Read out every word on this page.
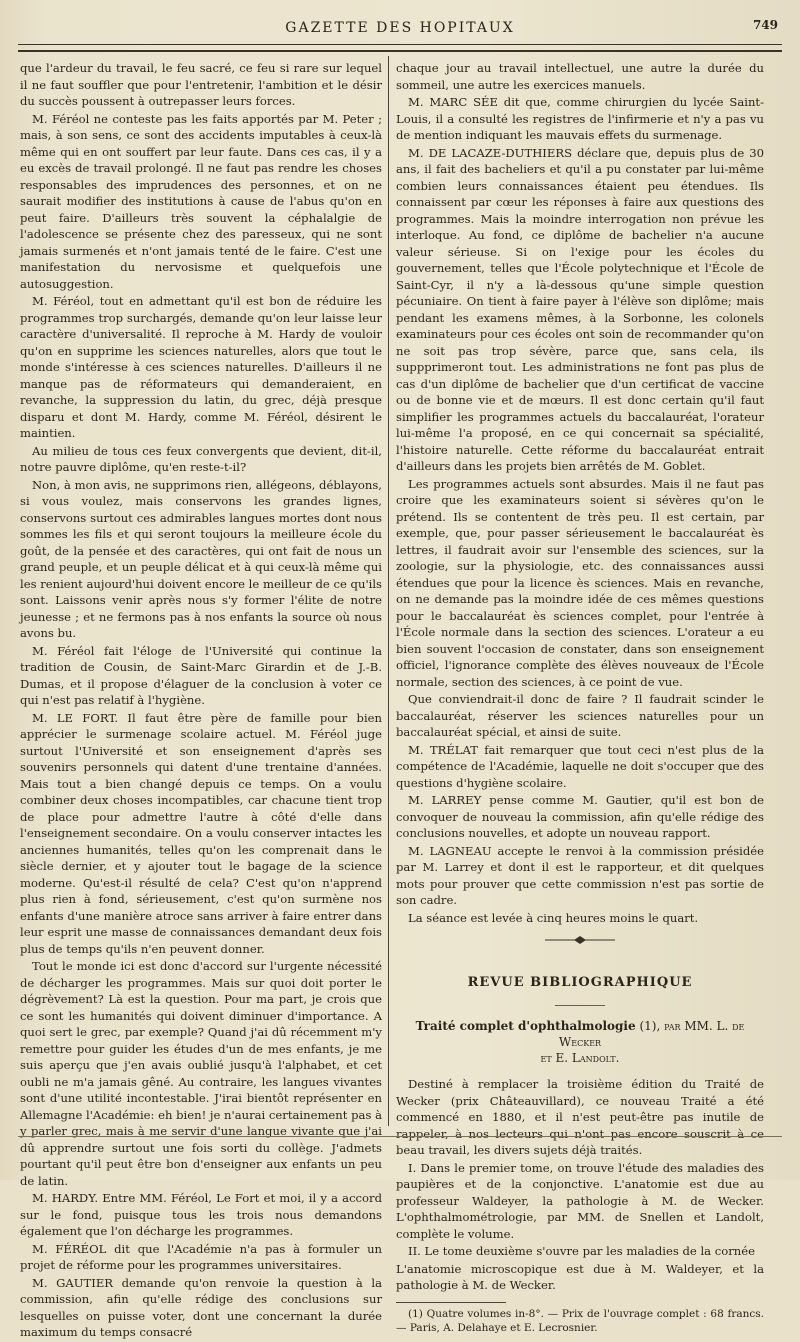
GAZETTE DES HOPITAUX	749

que l'ardeur du travail, le feu sacré, ce feu si rare sur lequel il ne faut souffler que pour l'entretenir, l'ambition et le désir du succès poussent à outrepasser leurs forces.

M. Féréol ne conteste pas les faits apportés par M. Peter ; mais, à son sens, ce sont des accidents imputables à ceux-là même qui en ont souffert par leur faute. Dans ces cas, il y a eu excès de travail prolongé. Il ne faut pas rendre les choses responsables des imprudences des personnes, et on ne saurait modifier des institutions à cause de l'abus qu'on en peut faire. D'ailleurs très souvent la céphalalgie de l'adolescence se présente chez des paresseux, qui ne sont jamais surmenés et n'ont jamais tenté de le faire. C'est une manifestation du nervosisme et quelquefois une autosuggestion.

M. Féréol, tout en admettant qu'il est bon de réduire les programmes trop surchargés, demande qu'on leur laisse leur caractère d'universalité. Il reproche à M. Hardy de vouloir qu'on en supprime les sciences naturelles, alors que tout le monde s'intéresse à ces sciences naturelles. D'ailleurs il ne manque pas de réformateurs qui demanderaient, en revanche, la suppression du latin, du grec, déjà presque disparu et dont M. Hardy, comme M. Féréol, désirent le maintien.

Au milieu de tous ces feux convergents que devient, dit-il, notre pauvre diplôme, qu'en reste-t-il?

Non, à mon avis, ne supprimons rien, allégeons, déblayons, si vous voulez, mais conservons les grandes lignes, conservons surtout ces admirables langues mortes dont nous sommes les fils et qui seront toujours la meilleure école du goût, de la pensée et des caractères, qui ont fait de nous un grand peuple, et un peuple délicat et à qui ceux-là même qui les renient aujourd'hui doivent encore le meilleur de ce qu'ils sont. Laissons venir après nous s'y former l'élite de notre jeunesse ; et ne fermons pas à nos enfants la source où nous avons bu.

M. Féréol fait l'éloge de l'Université qui continue la tradition de Cousin, de Saint-Marc Girardin et de J.-B. Dumas, et il propose d'élaguer de la conclusion à voter ce qui n'est pas relatif à l'hygiène.

M. LE FORT. Il faut être père de famille pour bien apprécier le surmenage scolaire actuel. M. Féréol juge surtout l'Université et son enseignement d'après ses souvenirs personnels qui datent d'une trentaine d'années. Mais tout a bien changé depuis ce temps. On a voulu combiner deux choses incompatibles, car chacune tient trop de place pour admettre l'autre à côté d'elle dans l'enseignement secondaire. On a voulu conserver intactes les anciennes humanités, telles qu'on les comprenait dans le siècle dernier, et y ajouter tout le bagage de la science moderne. Qu'est-il résulté de cela? C'est qu'on n'apprend plus rien à fond, sérieusement, c'est qu'on surmène nos enfants d'une manière atroce sans arriver à faire entrer dans leur esprit une masse de connaissances demandant deux fois plus de temps qu'ils n'en peuvent donner.

Tout le monde ici est donc d'accord sur l'urgente nécessité de décharger les programmes. Mais sur quoi doit porter le dégrèvement? Là est la question. Pour ma part, je crois que ce sont les humanités qui doivent diminuer d'importance. A quoi sert le grec, par exemple? Quand j'ai dû récemment m'y remettre pour guider les études d'un de mes enfants, je me suis aperçu que j'en avais oublié jusqu'à l'alphabet, et cet oubli ne m'a jamais gêné. Au contraire, les langues vivantes sont d'une utilité incontestable. J'irai bientôt représenter en Allemagne l'Académie: eh bien! je n'aurai certainement pas à y parler grec, mais à me servir d'une langue vivante que j'ai dû apprendre surtout une fois sorti du collège. J'admets pourtant qu'il peut être bon d'enseigner aux enfants un peu de latin.

M. HARDY. Entre MM. Féréol, Le Fort et moi, il y a accord sur le fond, puisque tous les trois nous demandons également que l'on décharge les programmes.

M. FÉRÉOL dit que l'Académie n'a pas à formuler un projet de réforme pour les programmes universitaires.

M. GAUTIER demande qu'on renvoie la question à la commission, afin qu'elle rédige des conclusions sur lesquelles on puisse voter, dont une concernant la durée maximum du temps consacré

chaque jour au travail intellectuel, une autre la durée du sommeil, une autre les exercices manuels.

M. MARC SÉE dit que, comme chirurgien du lycée Saint-Louis, il a consulté les registres de l'infirmerie et n'y a pas vu de mention indiquant les mauvais effets du surmenage.

M. DE LACAZE-DUTHIERS déclare que, depuis plus de 30 ans, il fait des bacheliers et qu'il a pu constater par lui-même combien leurs connaissances étaient peu étendues. Ils connaissent par cœur les réponses à faire aux questions des programmes. Mais la moindre interrogation non prévue les interloque. Au fond, ce diplôme de bachelier n'a aucune valeur sérieuse. Si on l'exige pour les écoles du gouvernement, telles que l'École polytechnique et l'École de Saint-Cyr, il n'y a là-dessous qu'une simple question pécuniaire. On tient à faire payer à l'élève son diplôme; mais pendant les examens mêmes, à la Sorbonne, les colonels examinateurs pour ces écoles ont soin de recommander qu'on ne soit pas trop sévère, parce que, sans cela, ils suppprimeront tout. Les administrations ne font pas plus de cas d'un diplôme de bachelier que d'un certificat de vaccine ou de bonne vie et de mœurs. Il est donc certain qu'il faut simplifier les programmes actuels du baccalauréat, l'orateur lui-même l'a proposé, en ce qui concernait sa spécialité, l'histoire naturelle. Cette réforme du baccalauréat entrait d'ailleurs dans les projets bien arrêtés de M. Goblet.

Les programmes actuels sont absurdes. Mais il ne faut pas croire que les examinateurs soient si sévères qu'on le prétend. Ils se contentent de très peu. Il est certain, par exemple, que, pour passer sérieusement le baccalauréat ès lettres, il faudrait avoir sur l'ensemble des sciences, sur la zoologie, sur la physiologie, etc. des connaissances aussi étendues que pour la licence ès sciences. Mais en revanche, on ne demande pas la moindre idée de ces mêmes questions pour le baccalauréat ès sciences complet, pour l'entrée à l'École normale dans la section des sciences. L'orateur a eu bien souvent l'occasion de constater, dans son enseignement officiel, l'ignorance complète des élèves nouveaux de l'École normale, section des sciences, à ce point de vue.

Que conviendrait-il donc de faire ? Il faudrait scinder le baccalauréat, réserver les sciences naturelles pour un baccalauréat spécial, et ainsi de suite.

M. TRÉLAT fait remarquer que tout ceci n'est plus de la compétence de l'Académie, laquelle ne doit s'occuper que des questions d'hygiène scolaire.

M. LARREY pense comme M. Gautier, qu'il est bon de convoquer de nouveau la commission, afin qu'elle rédige des conclusions nouvelles, et adopte un nouveau rapport.

M. LAGNEAU accepte le renvoi à la commission présidée par M. Larrey et dont il est le rapporteur, et dit quelques mots pour prouver que cette commission n'est pas sortie de son cadre.

La séance est levée à cinq heures moins le quart.

REVUE BIBLIOGRAPHIQUE
Traité complet d'ophthalmologie (1), par MM. L. de Wecker
et E. Landolt.

Destiné à remplacer la troisième édition du Traité de Wecker (prix Châteauvillard), ce nouveau Traité a été commencé en 1880, et il n'est peut-être pas inutile de rappeler, à nos lecteurs qui n'ont pas encore souscrit à ce beau travail, les divers sujets déjà traités.

I. Dans le premier tome, on trouve l'étude des maladies des paupières et de la conjonctive. L'anatomie est due au professeur Waldeyer, la pathologie à M. de Wecker. L'ophthalmométrologie, par MM. de Snellen et Landolt, complète le volume.

II. Le tome deuxième s'ouvre par les maladies de la cornée

L'anatomie microscopique est due à M. Waldeyer, et la pathologie à M. de Wecker.

(1) Quatre volumes in-8°. — Prix de l'ouvrage complet : 68 francs. — Paris, A. Delahaye et E. Lecrosnier.
